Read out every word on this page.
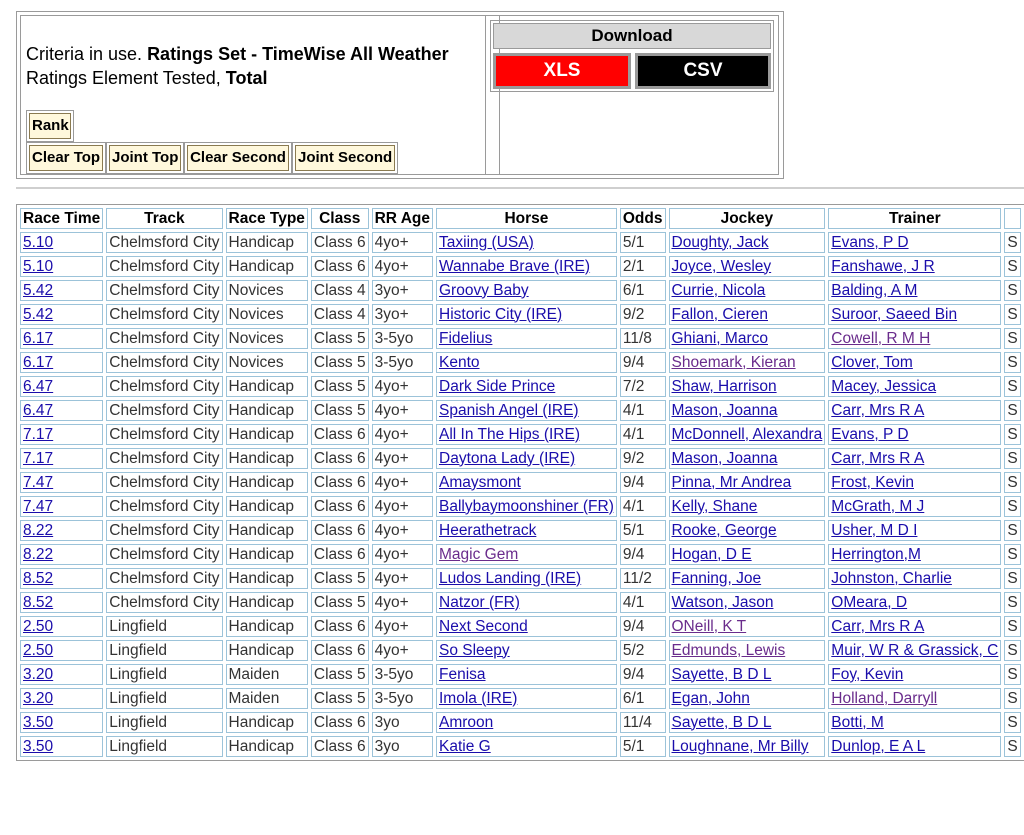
Criteria in use. Ratings Set - TimeWise All Weather
Ratings Element Tested, Total
Rank
Clear Top Joint Top Clear Second Joint Second
Download
XLS	CSV
Race Time	Track	Race Type	Class	RR Age	Horse	Odds	Jockey	Trainer	
5.10	Chelmsford City	Handicap	Class 6	4yo+	Taxiing (USA)	5/1	Doughty, Jack	Evans, P D	S
5.10	Chelmsford City	Handicap	Class 6	4yo+	Wannabe Brave (IRE)	2/1	Joyce, Wesley	Fanshawe, J R	S
5.42	Chelmsford City	Novices	Class 4	3yo+	Groovy Baby	6/1	Currie, Nicola	Balding, A M	S
5.42	Chelmsford City	Novices	Class 4	3yo+	Historic City (IRE)	9/2	Fallon, Cieren	Suroor, Saeed Bin	S
6.17	Chelmsford City	Novices	Class 5	3-5yo	Fidelius	11/8	Ghiani, Marco	Cowell, R M H	S
6.17	Chelmsford City	Novices	Class 5	3-5yo	Kento	9/4	Shoemark, Kieran	Clover, Tom	S
6.47	Chelmsford City	Handicap	Class 5	4yo+	Dark Side Prince	7/2	Shaw, Harrison	Macey, Jessica	S
6.47	Chelmsford City	Handicap	Class 5	4yo+	Spanish Angel (IRE)	4/1	Mason, Joanna	Carr, Mrs R A	S
7.17	Chelmsford City	Handicap	Class 6	4yo+	All In The Hips (IRE)	4/1	McDonnell, Alexandra	Evans, P D	S
7.17	Chelmsford City	Handicap	Class 6	4yo+	Daytona Lady (IRE)	9/2	Mason, Joanna	Carr, Mrs R A	S
7.47	Chelmsford City	Handicap	Class 6	4yo+	Amaysmont	9/4	Pinna, Mr Andrea	Frost, Kevin	S
7.47	Chelmsford City	Handicap	Class 6	4yo+	Ballybaymoonshiner (FR)	4/1	Kelly, Shane	McGrath, M J	S
8.22	Chelmsford City	Handicap	Class 6	4yo+	Heerathetrack	5/1	Rooke, George	Usher, M D I	S
8.22	Chelmsford City	Handicap	Class 6	4yo+	Magic Gem	9/4	Hogan, D E	Herrington,M	S
8.52	Chelmsford City	Handicap	Class 5	4yo+	Ludos Landing (IRE)	11/2	Fanning, Joe	Johnston, Charlie	S
8.52	Chelmsford City	Handicap	Class 5	4yo+	Natzor (FR)	4/1	Watson, Jason	OMeara, D	S
2.50	Lingfield	Handicap	Class 6	4yo+	Next Second	9/4	ONeill, K T	Carr, Mrs R A	S
2.50	Lingfield	Handicap	Class 6	4yo+	So Sleepy	5/2	Edmunds, Lewis	Muir, W R & Grassick, C	S
3.20	Lingfield	Maiden	Class 5	3-5yo	Fenisa	9/4	Sayette, B D L	Foy, Kevin	S
3.20	Lingfield	Maiden	Class 5	3-5yo	Imola (IRE)	6/1	Egan, John	Holland, Darryll	S
3.50	Lingfield	Handicap	Class 6	3yo	Amroon	11/4	Sayette, B D L	Botti, M	S
3.50	Lingfield	Handicap	Class 6	3yo	Katie G	5/1	Loughnane, Mr Billy	Dunlop, E A L	S
